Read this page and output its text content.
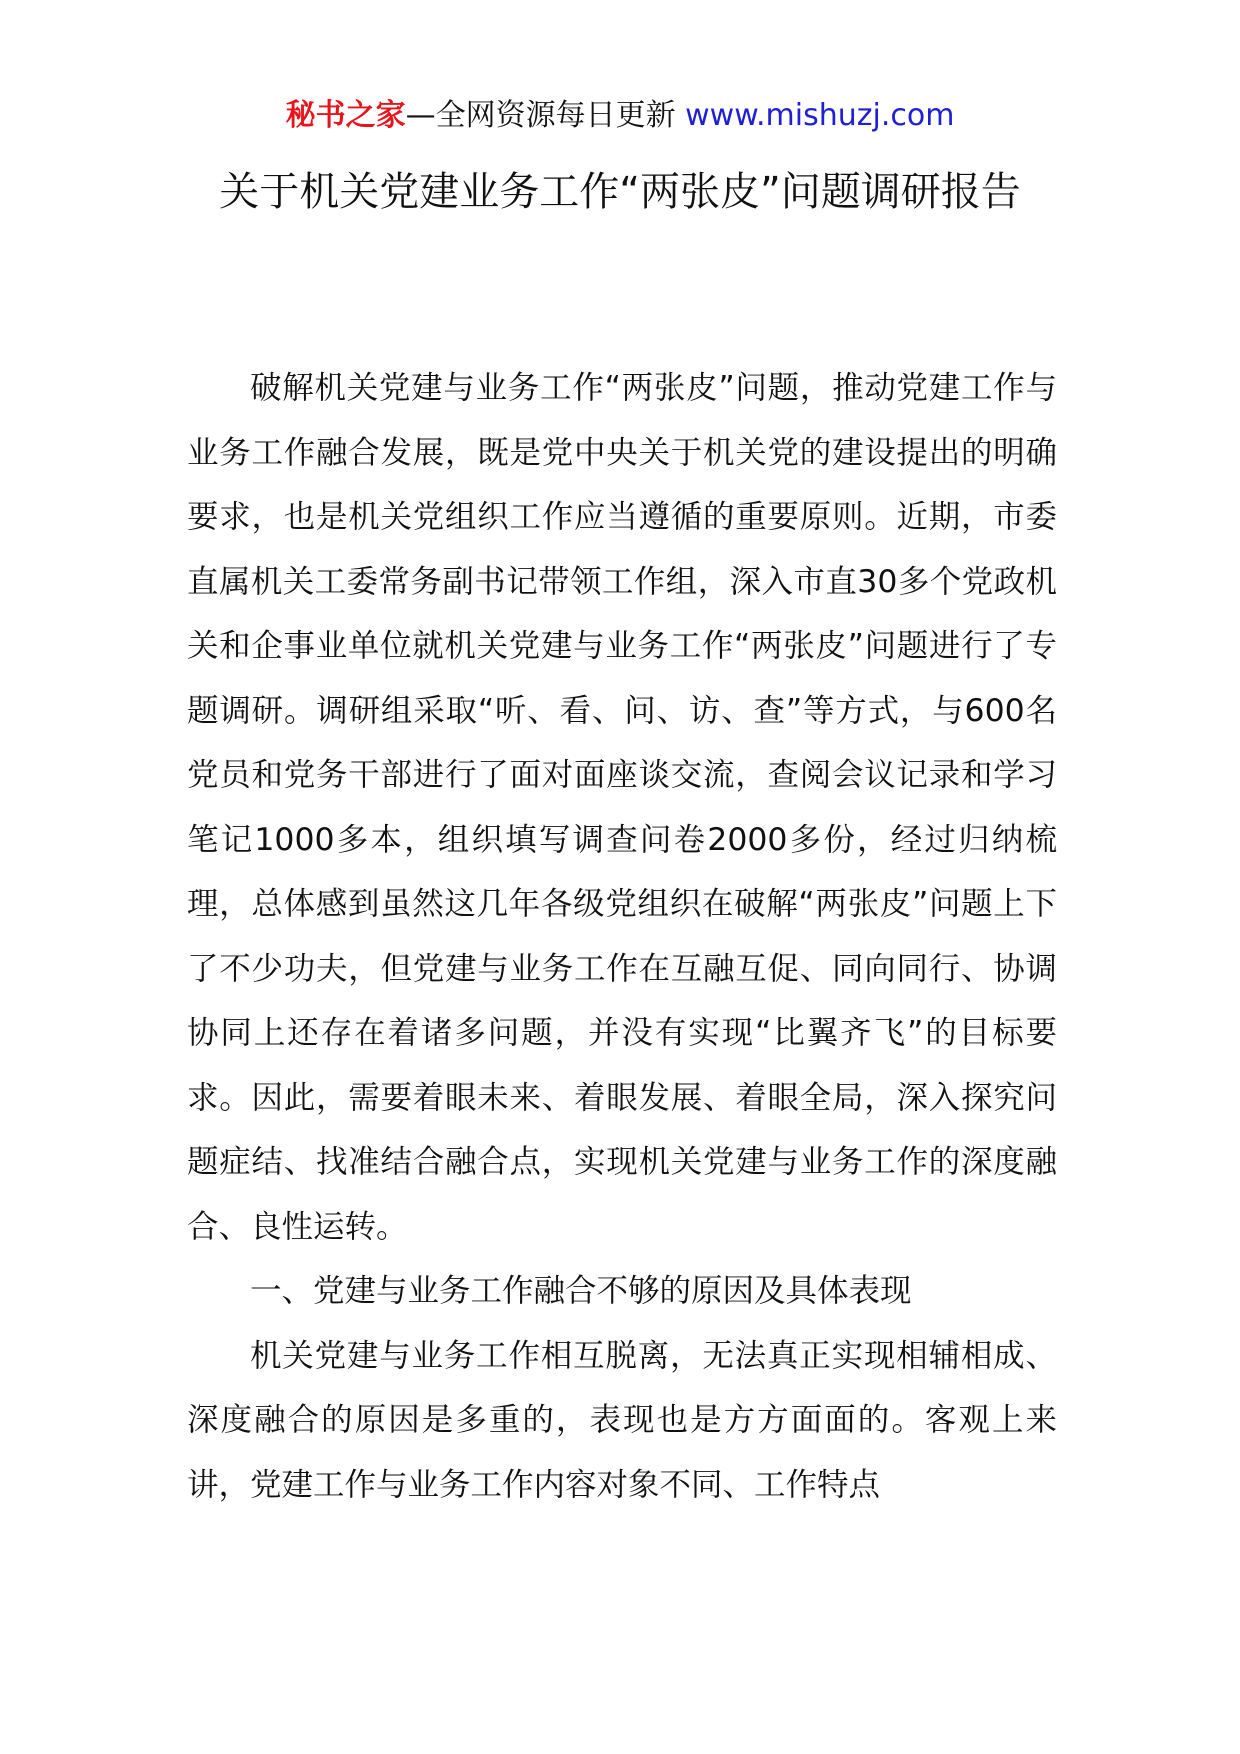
秘书之家—全网资源每日更新 www.mishuzj.com
关于机关党建业务工作“两张皮”问题调研报告

破解机关党建与业务工作“两张皮”问题，推动党建工作与业务工作融合发展，既是党中央关于机关党的建设提出的明确要求，也是机关党组织工作应当遵循的重要原则。近期，市委直属机关工委常务副书记带领工作组，深入市直30多个党政机关和企事业单位就机关党建与业务工作“两张皮”问题进行了专题调研。调研组采取“听、看、问、访、查”等方式，与600名党员和党务干部进行了面对面座谈交流，查阅会议记录和学习笔记1000多本，组织填写调查问卷2000多份，经过归纳梳理，总体感到虽然这几年各级党组织在破解“两张皮”问题上下了不少功夫，但党建与业务工作在互融互促、同向同行、协调协同上还存在着诸多问题，并没有实现“比翼齐飞”的目标要求。因此，需要着眼未来、着眼发展、着眼全局，深入探究问题症结、找准结合融合点，实现机关党建与业务工作的深度融合、良性运转。

一、党建与业务工作融合不够的原因及具体表现

机关党建与业务工作相互脱离，无法真正实现相辅相成、深度融合的原因是多重的，表现也是方方面面的。客观上来讲，党建工作与业务工作内容对象不同、工作特点
